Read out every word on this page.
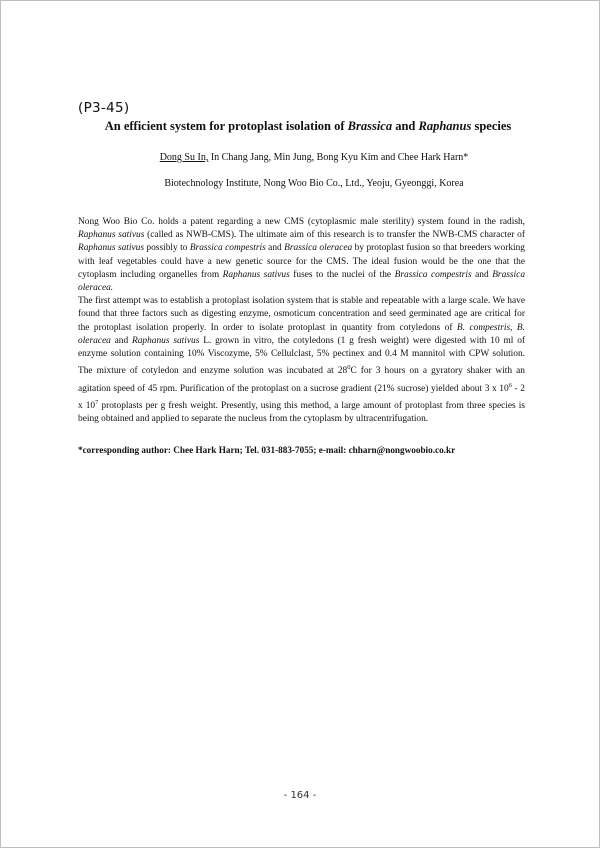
(P3-45)
An efficient system for protoplast isolation of Brassica and Raphanus species
Dong Su In, In Chang Jang, Min Jung, Bong Kyu Kim and Chee Hark Harn*
Biotechnology Institute, Nong Woo Bio Co., Ltd., Yeoju, Gyeonggi, Korea

Nong Woo Bio Co. holds a patent regarding a new CMS (cytoplasmic male sterility) system found in the radish, Raphanus sativus (called as NWB-CMS). The ultimate aim of this research is to transfer the NWB-CMS character of Raphanus sativus possibly to Brassica compestris and Brassica oleracea by protoplast fusion so that breeders working with leaf vegetables could have a new genetic source for the CMS. The ideal fusion would be the one that the cytoplasm including organelles from Raphanus sativus fuses to the nuclei of the Brassica compestris and Brassica oleracea.

The first attempt was to establish a protoplast isolation system that is stable and repeatable with a large scale. We have found that three factors such as digesting enzyme, osmoticum concentration and seed germinated age are critical for the protoplast isolation properly. In order to isolate protoplast in quantity from cotyledons of B. compestris, B. oleracea and Raphanus sativus L. grown in vitro, the cotyledons (1 g fresh weight) were digested with 10 ml of enzyme solution containing 10% Viscozyme, 5% Cellulclast, 5% pectinex and 0.4 M mannitol with CPW solution. The mixture of cotyledon and enzyme solution was incubated at $28^0C$ for 3 hours on a gyratory shaker with an agitation speed of 45 rpm. Purification of the protoplast on a sucrose gradient (21% sucrose) yielded about 3 x $10^6 - 2$ x $10^7$ protoplasts per g fresh weight. Presently, using this method, a large amount of protoplast from three species is being obtained and applied to separate the nucleus from the cytoplasm by ultracentrifugation.

*corresponding author: Chee Hark Harn; Tel. 031-883-7055; e-mail: chharn@nongwoobio.co.kr
- 164 -
